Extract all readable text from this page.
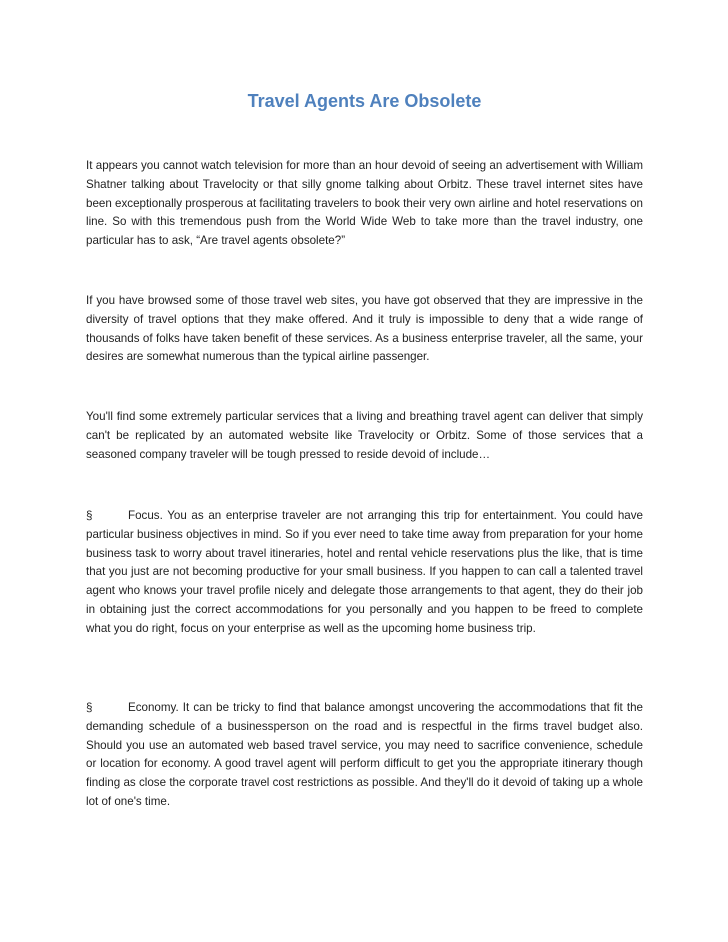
Travel Agents Are Obsolete

It appears you cannot watch television for more than an hour devoid of seeing an advertisement with William Shatner talking about Travelocity or that silly gnome talking about Orbitz. These travel internet sites have been exceptionally prosperous at facilitating travelers to book their very own airline and hotel reservations on line. So with this tremendous push from the World Wide Web to take more than the travel industry, one particular has to ask, “Are travel agents obsolete?”

If you have browsed some of those travel web sites, you have got observed that they are impressive in the diversity of travel options that they make offered. And it truly is impossible to deny that a wide range of thousands of folks have taken benefit of these services. As a business enterprise traveler, all the same, your desires are somewhat numerous than the typical airline passenger.

You'll find some extremely particular services that a living and breathing travel agent can deliver that simply can't be replicated by an automated website like Travelocity or Orbitz. Some of those services that a seasoned company traveler will be tough pressed to reside devoid of include…

§	Focus. You as an enterprise traveler are not arranging this trip for entertainment. You could have particular business objectives in mind. So if you ever need to take time away from preparation for your home business task to worry about travel itineraries, hotel and rental vehicle reservations plus the like, that is time that you just are not becoming productive for your small business. If you happen to can call a talented travel agent who knows your travel profile nicely and delegate those arrangements to that agent, they do their job in obtaining just the correct accommodations for you personally and you happen to be freed to complete what you do right, focus on your enterprise as well as the upcoming home business trip.

§	Economy. It can be tricky to find that balance amongst uncovering the accommodations that fit the demanding schedule of a businessperson on the road and is respectful in the firms travel budget also. Should you use an automated web based travel service, you may need to sacrifice convenience, schedule or location for economy. A good travel agent will perform difficult to get you the appropriate itinerary though finding as close the corporate travel cost restrictions as possible. And they'll do it devoid of taking up a whole lot of one's time.
